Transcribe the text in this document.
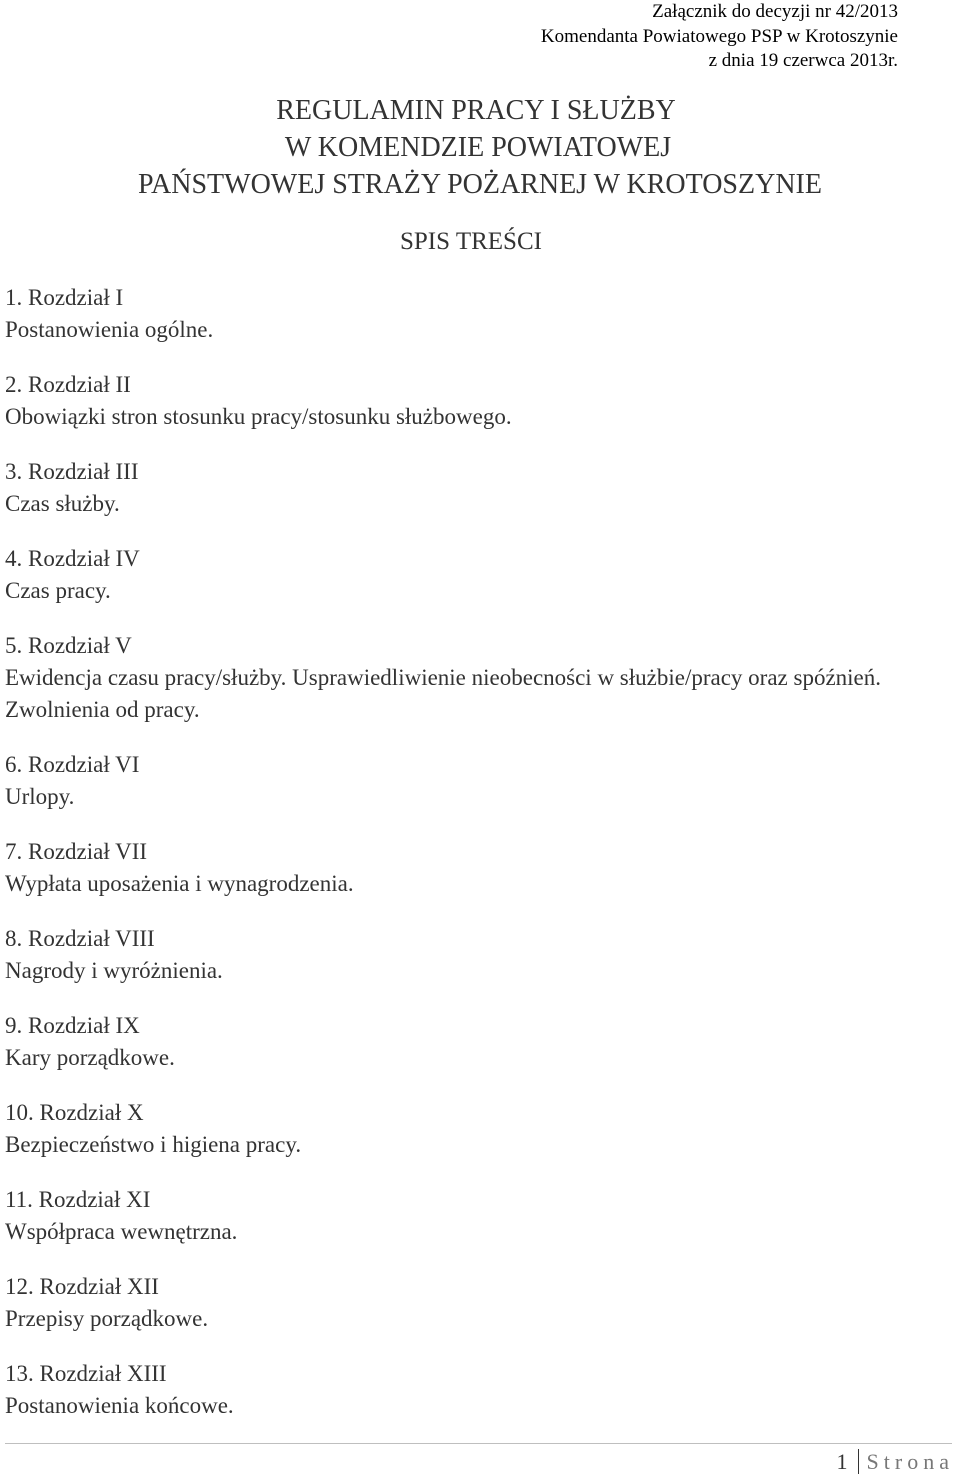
Załącznik do decyzji nr 42/2013
Komendanta Powiatowego PSP w Krotoszynie
z dnia 19 czerwca 2013r.
REGULAMIN PRACY I SŁUŻBY
W KOMENDZIE POWIATOWEJ
PAŃSTWOWEJ STRAŻY POŻARNEJ W KROTOSZYNIE
SPIS TREŚCI
1. Rozdział I
Postanowienia ogólne.
2. Rozdział II
Obowiązki stron stosunku pracy/stosunku służbowego.
3. Rozdział III
Czas służby.
4. Rozdział IV
Czas pracy.
5. Rozdział V
Ewidencja czasu pracy/służby. Usprawiedliwienie nieobecności w służbie/pracy oraz spóźnień. Zwolnienia od pracy.
6. Rozdział VI
Urlopy.
7. Rozdział VII
Wypłata uposażenia i wynagrodzenia.
8. Rozdział VIII
Nagrody i wyróżnienia.
9. Rozdział IX
Kary porządkowe.
10. Rozdział X
Bezpieczeństwo i higiena pracy.
11. Rozdział XI
Współpraca wewnętrzna.
12. Rozdział XII
Przepisy porządkowe.
13. Rozdział XIII
Postanowienia końcowe.
1 Strona
